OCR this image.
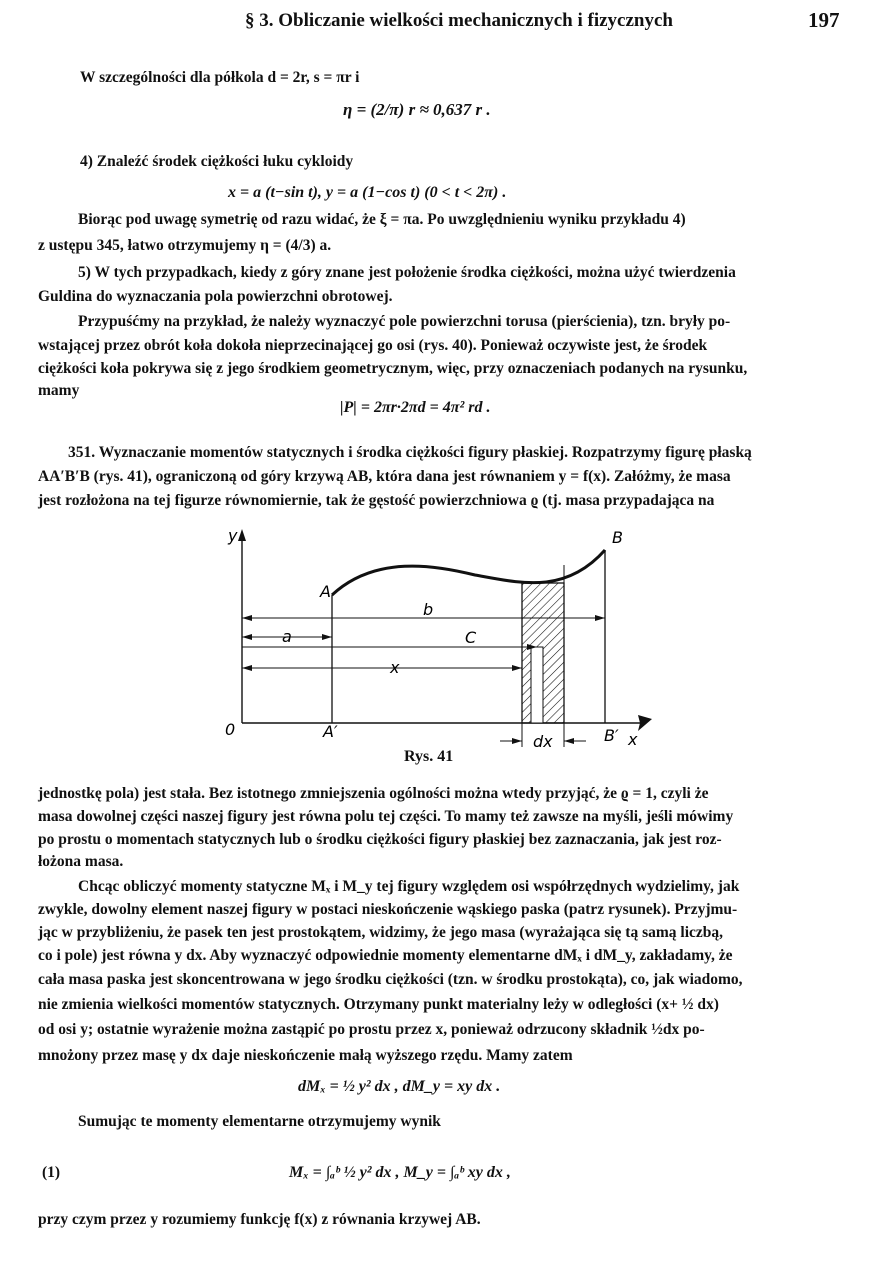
§ 3. Obliczanie wielkości mechanicznych i fizycznych	197
W szczególności dla półkola d = 2r, s = πr i
η = (2/π) r ≈ 0,637 r .
4) Znaleźć środek ciężkości łuku cykloidy
x = a (t−sin t), y = a (1−cos t) (0 < t < 2π) .
Biorąc pod uwagę symetrię od razu widać, że ξ = πa. Po uwzględnieniu wyniku przykładu 4)
z ustępu 345, łatwo otrzymujemy η = (4/3) a.
5) W tych przypadkach, kiedy z góry znane jest położenie środka ciężkości, można użyć twierdzenia
Guldina do wyznaczania pola powierzchni obrotowej.
Przypuśćmy na przykład, że należy wyznaczyć pole powierzchni torusa (pierścienia), tzn. bryły po-
wstającej przez obrót koła dokoła nieprzecinającej go osi (rys. 40). Ponieważ oczywiste jest, że środek
ciężkości koła pokrywa się z jego środkiem geometrycznym, więc, przy oznaczeniach podanych na rysunku,
mamy
|P| = 2πr·2πd = 4π² rd .
351. Wyznaczanie momentów statycznych i środka ciężkości figury płaskiej. Rozpatrzymy figurę płaską
AA′B′B (rys. 41), ograniczoną od góry krzywą AB, która dana jest równaniem y = f(x). Załóżmy, że masa
jest rozłożona na tej figurze równomiernie, tak że gęstość powierzchniowa ϱ (tj. masa przypadająca na
y	B
A
b
a	C
x
0	A′
dx	B′ x
Rys. 41
jednostkę pola) jest stała. Bez istotnego zmniejszenia ogólności można wtedy przyjąć, że ϱ = 1, czyli że
masa dowolnej części naszej figury jest równa polu tej części. To mamy też zawsze na myśli, jeśli mówimy
po prostu o momentach statycznych lub o środku ciężkości figury płaskiej bez zaznaczania, jak jest roz-
łożona masa.
Chcąc obliczyć momenty statyczne Mₓ i M_y tej figury względem osi współrzędnych wydzielimy, jak
zwykle, dowolny element naszej figury w postaci nieskończenie wąskiego paska (patrz rysunek). Przyjmu-
jąc w przybliżeniu, że pasek ten jest prostokątem, widzimy, że jego masa (wyrażająca się tą samą liczbą,
co i pole) jest równa y dx. Aby wyznaczyć odpowiednie momenty elementarne dMₓ i dM_y, zakładamy, że
cała masa paska jest skoncentrowana w jego środku ciężkości (tzn. w środku prostokąta), co, jak wiadomo,
nie zmienia wielkości momentów statycznych. Otrzymany punkt materialny leży w odległości (x+ ½ dx)
od osi y; ostatnie wyrażenie można zastąpić po prostu przez x, ponieważ odrzucony składnik ½dx po-
mnożony przez masę y dx daje nieskończenie małą wyższego rzędu. Mamy zatem
dMₓ = ½ y² dx , dM_y = xy dx .
Sumując te momenty elementarne otrzymujemy wynik
(1)	Mₓ = ∫ₐᵇ ½ y² dx , M_y = ∫ₐᵇ xy dx ,
przy czym przez y rozumiemy funkcję f(x) z równania krzywej AB.
